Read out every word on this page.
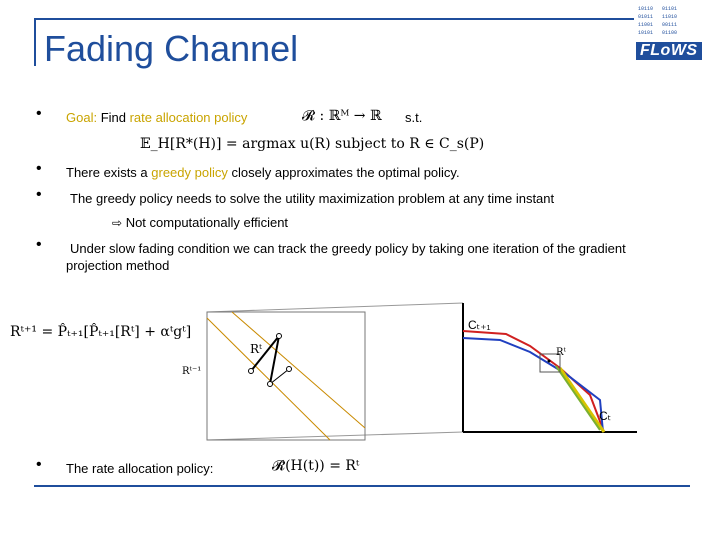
Fading Channel
10110 01101
01011 11010
11001 00111
10101 01100
FLoWS
• Goal: Find rate allocation policy	𝓡 : ℝᴹ → ℝ s.t.
𝔼_H[R*(H)] = argmax u(R) subject to R ∈ C_s(P)
• There exists a greedy policy closely approximates the optimal policy.
• The greedy policy needs to solve the utility maximization problem at any time instant
⇨ Not computationally efficient
• Under slow fading condition we can track the greedy policy by taking one iteration of the gradient
projection method
Rᵗ⁺¹ = P̂ₜ₊₁[P̂ₜ₊₁[Rᵗ] + αᵗgᵗ]
Rᵗ
Rᵗ⁻¹
Cₜ₊₁
Cₜ
Rᵗ
• The rate allocation policy:	𝓡̃(H(t)) = Rᵗ
